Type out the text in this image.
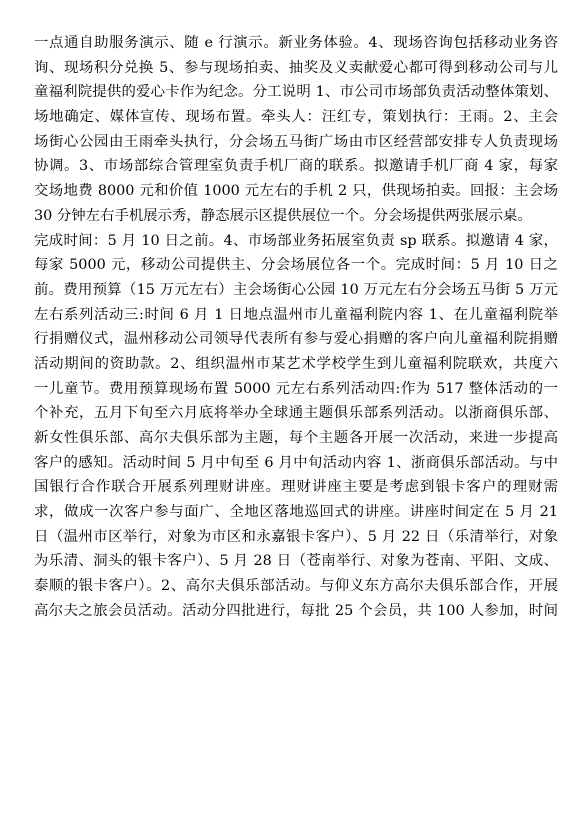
一点通自助服务演示、随 e 行演示。新业务体验。4、现场咨询包括移动业务咨
询、现场积分兑换 5、参与现场拍卖、抽奖及义卖献爱心都可得到移动公司与儿
童福利院提供的爱心卡作为纪念。分工说明 1、市公司市场部负责活动整体策划、
场地确定、媒体宣传、现场布置。牵头人：汪红专，策划执行：王雨。2、主会
场街心公园由王雨牵头执行，分会场五马街广场由市区经营部安排专人负责现场
协调。3、市场部综合管理室负责手机厂商的联系。拟邀请手机厂商 4 家，每家
交场地费 8000 元和价值 1000 元左右的手机 2 只，供现场拍卖。回报：主会场
30 分钟左右手机展示秀，静态展示区提供展位一个。分会场提供两张展示桌。
完成时间：5 月 10 日之前。4、市场部业务拓展室负责 sp 联系。拟邀请 4 家，
每家 5000 元，移动公司提供主、分会场展位各一个。完成时间：5 月 10 日之
前。费用预算（15 万元左右）主会场街心公园 10 万元左右分会场五马街 5 万元
左右系列活动三:时间 6 月 1 日地点温州市儿童福利院内容 1、在儿童福利院举
行捐赠仪式，温州移动公司领导代表所有参与爱心捐赠的客户向儿童福利院捐赠
活动期间的资助款。2、组织温州市某艺术学校学生到儿童福利院联欢，共度六
一儿童节。费用预算现场布置 5000 元左右系列活动四:作为 517 整体活动的一
个补充，五月下旬至六月底将举办全球通主题俱乐部系列活动。以浙商俱乐部、
新女性俱乐部、高尔夫俱乐部为主题，每个主题各开展一次活动，来进一步提高
客户的感知。活动时间 5 月中旬至 6 月中旬活动内容 1、浙商俱乐部活动。与中
国银行合作联合开展系列理财讲座。理财讲座主要是考虑到银卡客户的理财需
求，做成一次客户参与面广、全地区落地巡回式的讲座。讲座时间定在 5 月 21
日（温州市区举行，对象为市区和永嘉银卡客户）、5 月 22 日（乐清举行，对象
为乐清、洞头的银卡客户）、5 月 28 日（苍南举行、对象为苍南、平阳、文成、
泰顺的银卡客户）。2、高尔夫俱乐部活动。与仰义东方高尔夫俱乐部合作，开展
高尔夫之旅会员活动。活动分四批进行，每批 25 个会员，共 100 人参加，时间
